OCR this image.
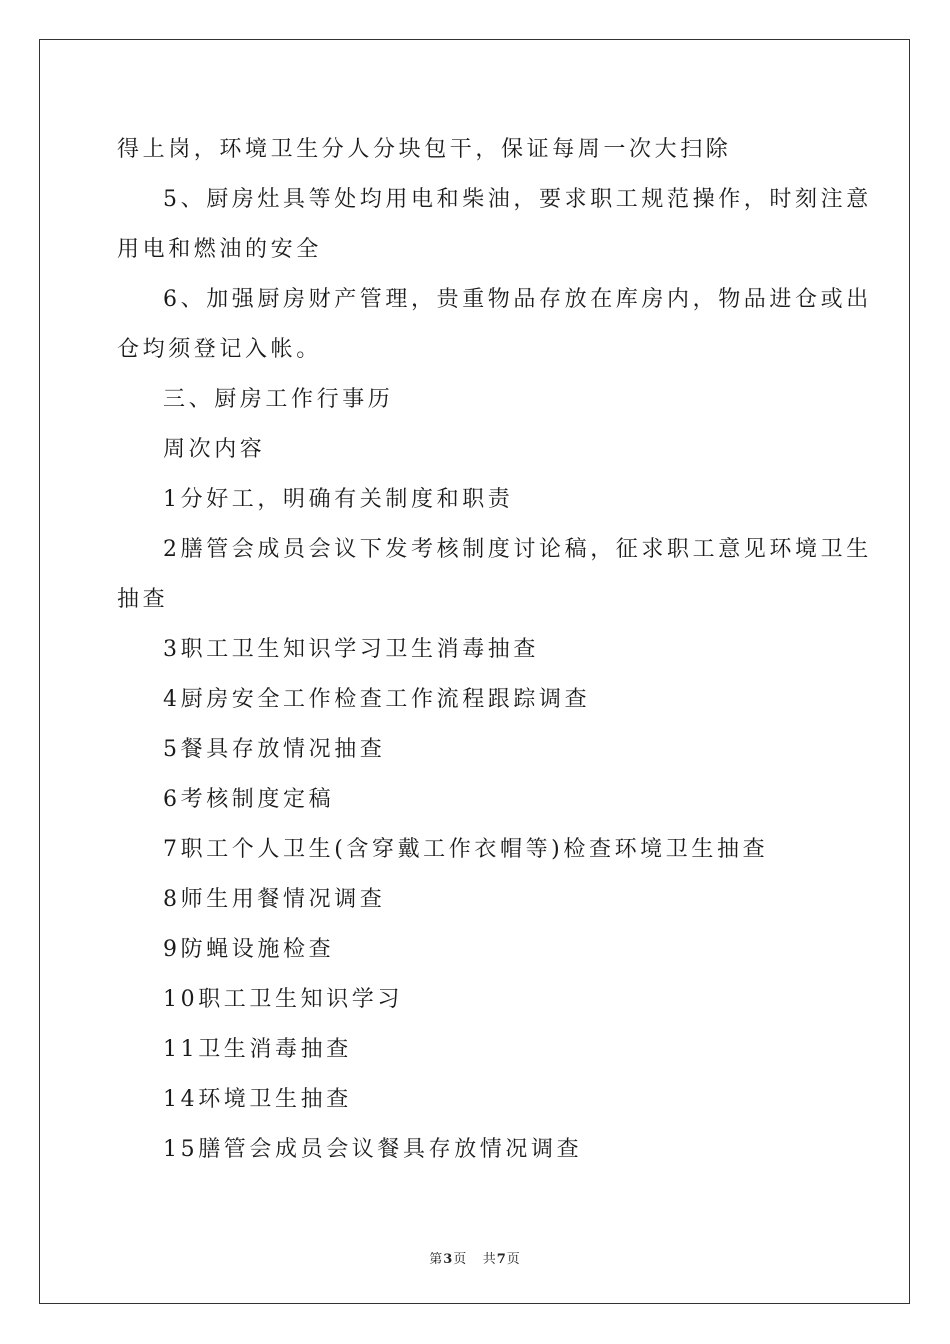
得上岗，环境卫生分人分块包干，保证每周一次大扫除
5、厨房灶具等处均用电和柴油，要求职工规范操作，时刻注意
用电和燃油的安全
6、加强厨房财产管理，贵重物品存放在库房内，物品进仓或出
仓均须登记入帐。
三、厨房工作行事历
周次内容
1分好工，明确有关制度和职责
2膳管会成员会议下发考核制度讨论稿，征求职工意见环境卫生
抽查
3职工卫生知识学习卫生消毒抽查
4厨房安全工作检查工作流程跟踪调查
5餐具存放情况抽查
6考核制度定稿
7职工个人卫生(含穿戴工作衣帽等)检查环境卫生抽查
8师生用餐情况调查
9防蝇设施检查
10职工卫生知识学习
11卫生消毒抽查
14环境卫生抽查
15膳管会成员会议餐具存放情况调查
第3页 共7页
